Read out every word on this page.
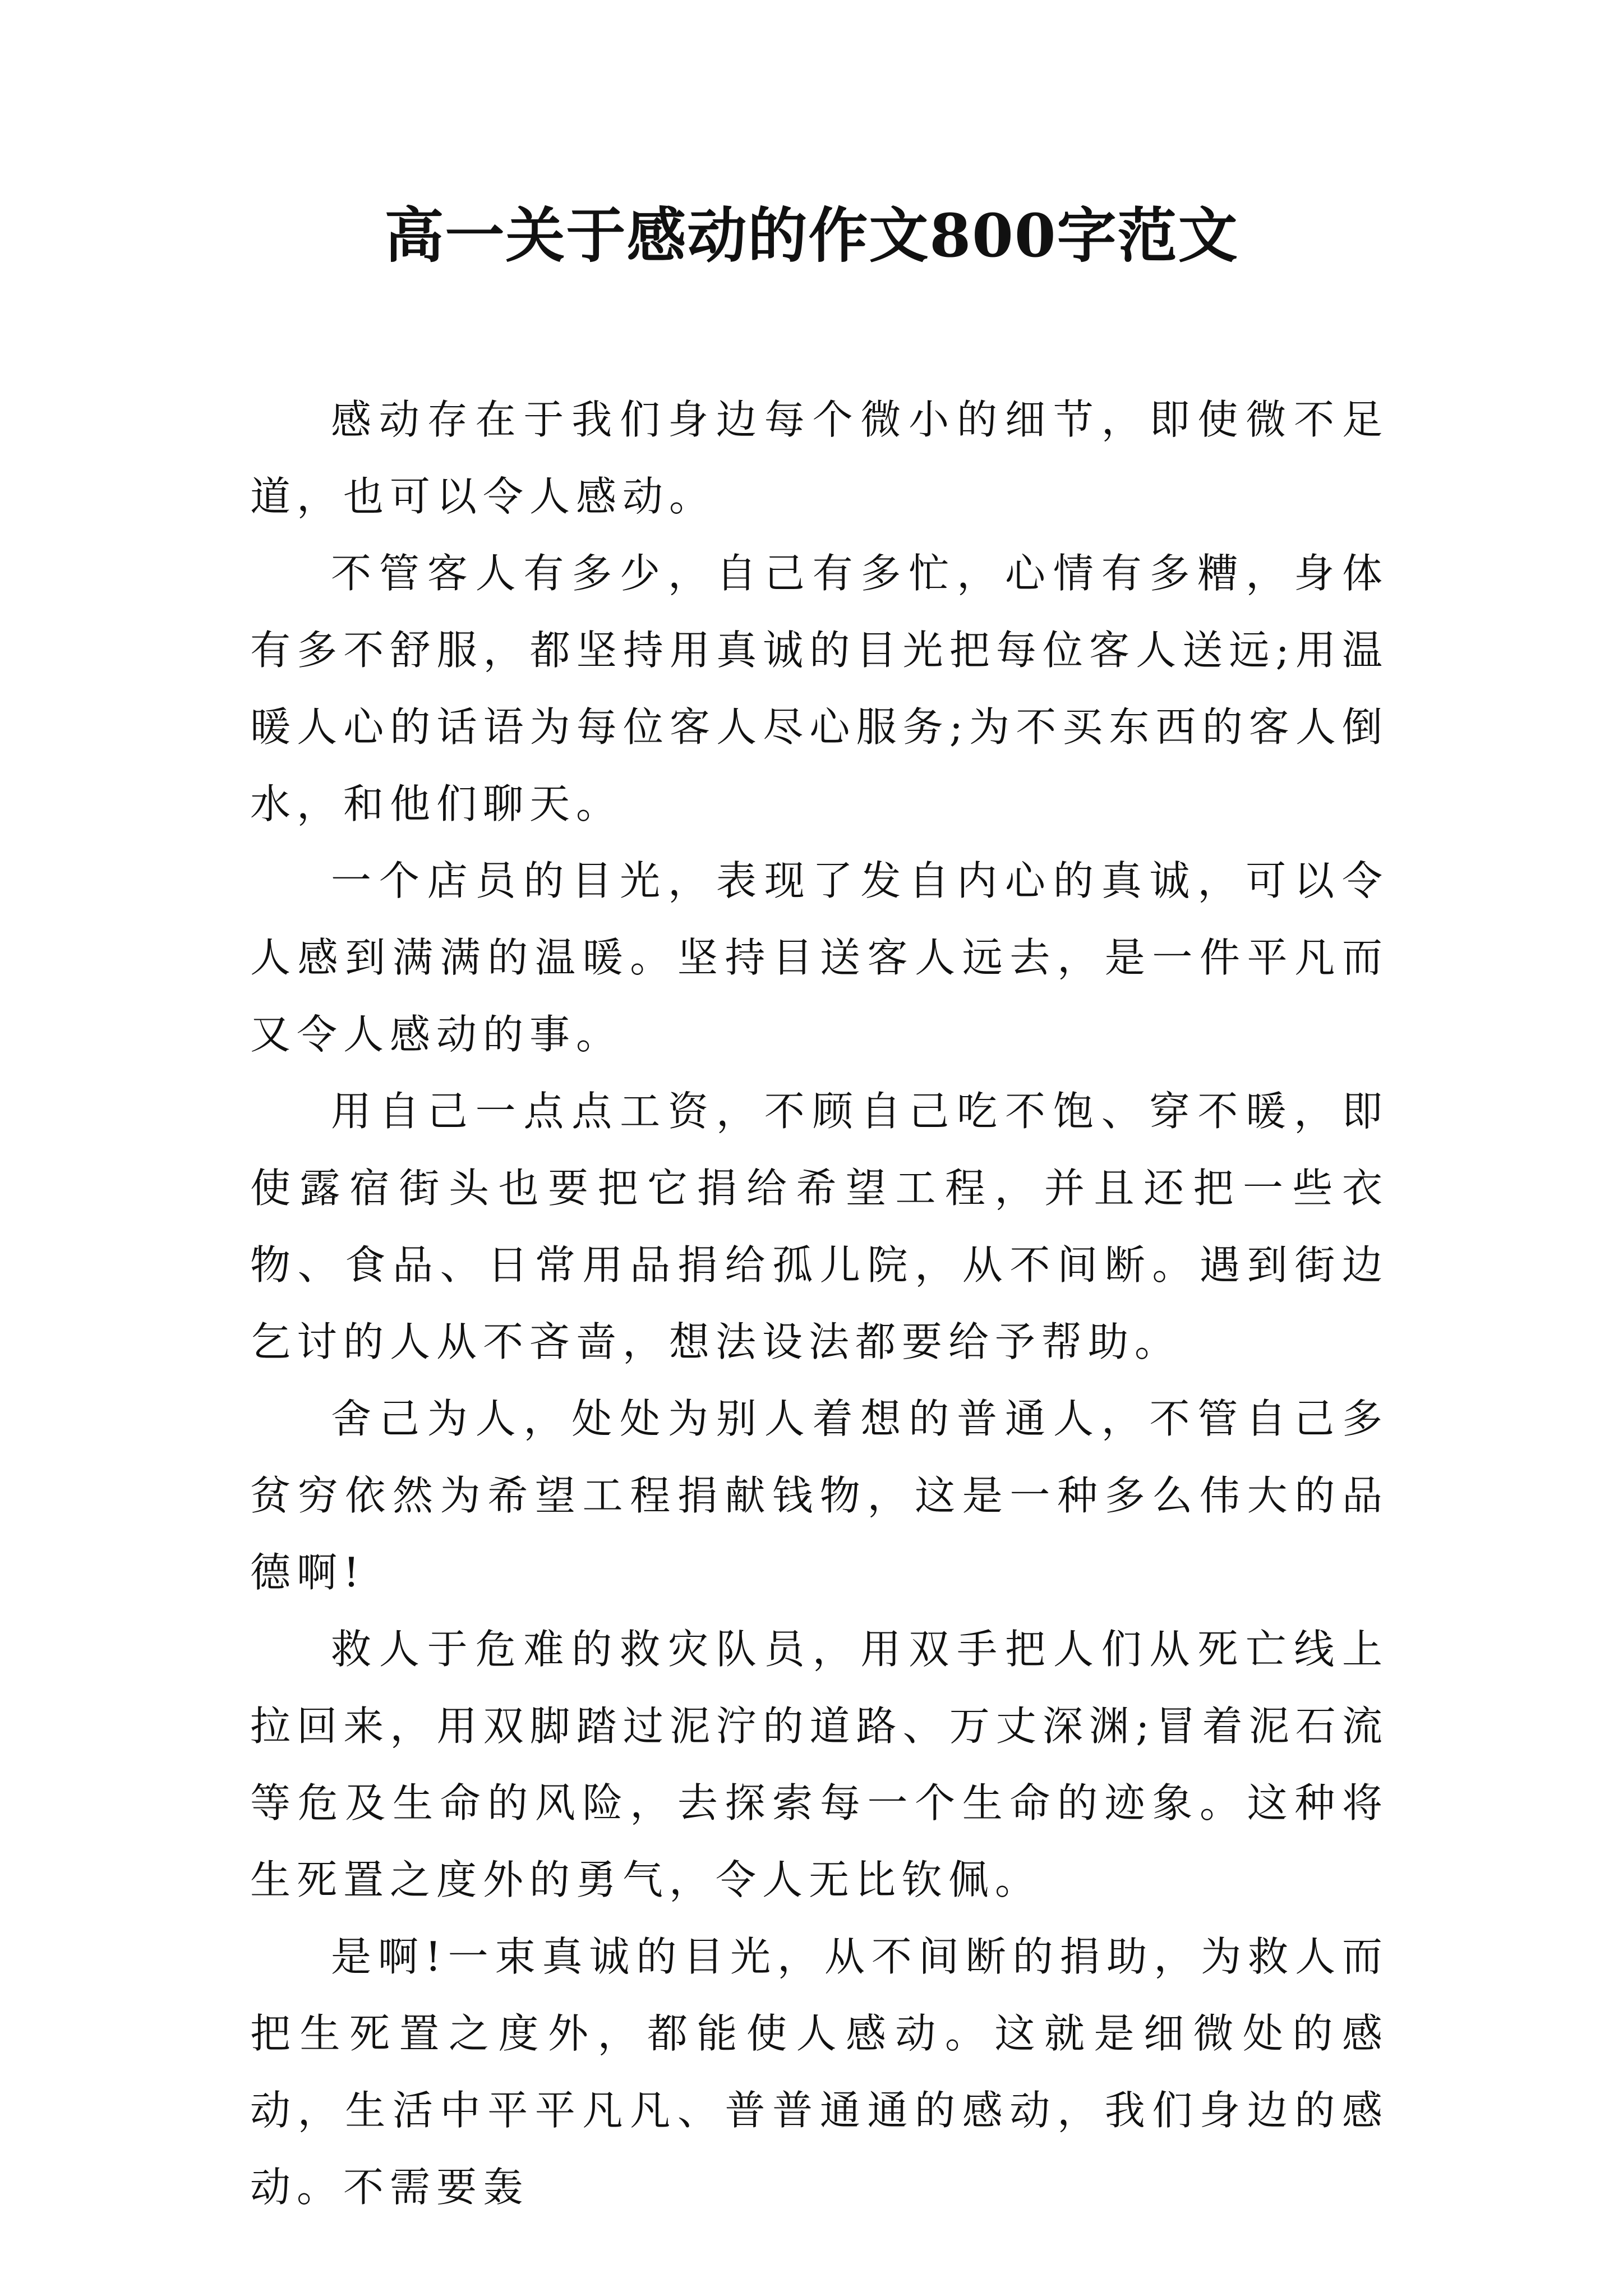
高一关于感动的作文800字范文

感动存在于我们身边每个微小的细节，即使微不足道，也可以令人感动。

不管客人有多少，自己有多忙，心情有多糟，身体有多不舒服，都坚持用真诚的目光把每位客人送远;用温暖人心的话语为每位客人尽心服务;为不买东西的客人倒水，和他们聊天。

一个店员的目光，表现了发自内心的真诚，可以令人感到满满的温暖。坚持目送客人远去，是一件平凡而又令人感动的事。

用自己一点点工资，不顾自己吃不饱、穿不暖，即使露宿街头也要把它捐给希望工程，并且还把一些衣物、食品、日常用品捐给孤儿院，从不间断。遇到街边乞讨的人从不吝啬，想法设法都要给予帮助。

舍己为人，处处为别人着想的普通人，不管自己多贫穷依然为希望工程捐献钱物，这是一种多么伟大的品德啊!

救人于危难的救灾队员，用双手把人们从死亡线上拉回来，用双脚踏过泥泞的道路、万丈深渊;冒着泥石流等危及生命的风险，去探索每一个生命的迹象。这种将生死置之度外的勇气，令人无比钦佩。

是啊!一束真诚的目光，从不间断的捐助，为救人而把生死置之度外，都能使人感动。这就是细微处的感动，生活中平平凡凡、普普通通的感动，我们身边的感动。不需要轰
